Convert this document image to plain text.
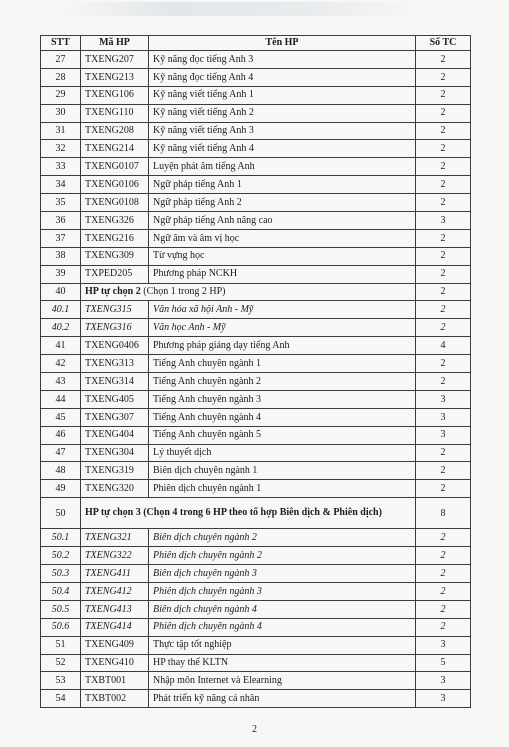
STT	Mã HP	Tên HP	Số TC
27	TXENG207	Kỹ năng đọc tiếng Anh 3	2
28	TXENG213	Kỹ năng đọc tiếng Anh 4	2
29	TXENG106	Kỹ năng viết tiếng Anh 1	2
30	TXENG110	Kỹ năng viết tiếng Anh 2	2
31	TXENG208	Kỹ năng viết tiếng Anh 3	2
32	TXENG214	Kỹ năng viết tiếng Anh 4	2
33	TXENG0107	Luyện phát âm tiếng Anh	2
34	TXENG0106	Ngữ pháp tiếng Anh 1	2
35	TXENG0108	Ngữ pháp tiếng Anh 2	2
36	TXENG326	Ngữ pháp tiếng Anh nâng cao	3
37	TXENG216	Ngữ âm và âm vị học	2
38	TXENG309	Từ vựng học	2
39	TXPED205	Phương pháp NCKH	2
40	HP tự chọn 2 (Chọn 1 trong 2 HP)		2
40.1	TXENG315	Văn hóa xã hội Anh - Mỹ	2
40.2	TXENG316	Văn học Anh - Mỹ	2
41	TXENG0406	Phương pháp giảng dạy tiếng Anh	4
42	TXENG313	Tiếng Anh chuyên ngành 1	2
43	TXENG314	Tiếng Anh chuyên ngành 2	2
44	TXENG405	Tiếng Anh chuyên ngành 3	3
45	TXENG307	Tiếng Anh chuyên ngành 4	3
46	TXENG404	Tiếng Anh chuyên ngành 5	3
47	TXENG304	Lý thuyết dịch	2
48	TXENG319	Biên dịch chuyên ngành 1	2
49	TXENG320	Phiên dịch chuyên ngành 1	2
50	HP tự chọn 3 (Chọn 4 trong 6 HP theo tổ hợp Biên dịch & Phiên dịch)		8
50.1	TXENG321	Biên dịch chuyên ngành 2	2
50.2	TXENG322	Phiên dịch chuyên ngành 2	2
50.3	TXENG411	Biên dịch chuyên ngành 3	2
50.4	TXENG412	Phiên dịch chuyên ngành 3	2
50.5	TXENG413	Biên dịch chuyên ngành 4	2
50.6	TXENG414	Phiên dịch chuyên ngành 4	2
51	TXENG409	Thực tập tốt nghiệp	3
52	TXENG410	HP thay thế KLTN	5
53	TXBT001	Nhập môn Internet và Elearning	3
54	TXBT002	Phát triển kỹ năng cá nhân	3
2
